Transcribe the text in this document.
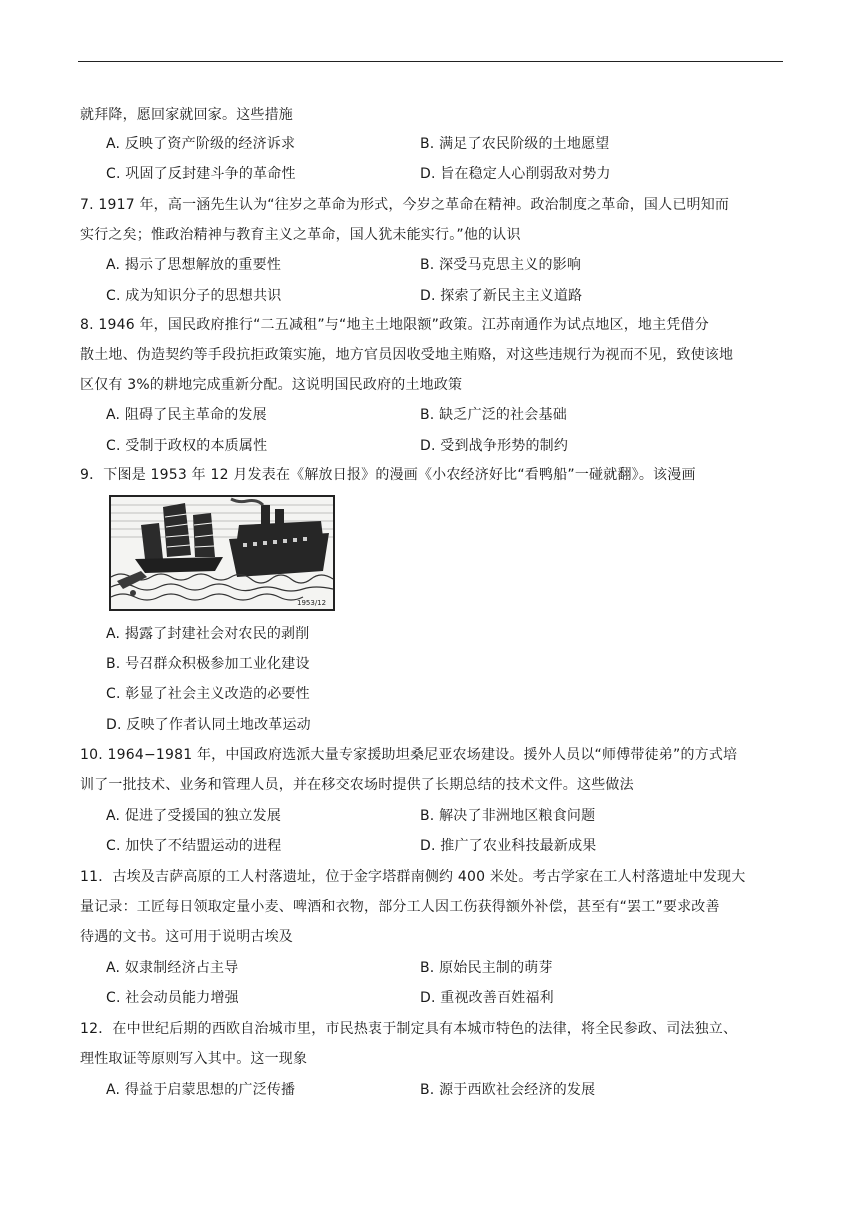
就拜降，愿回家就回家。这些措施
A. 反映了资产阶级的经济诉求	B. 满足了农民阶级的土地愿望
C. 巩固了反封建斗争的革命性	D. 旨在稳定人心削弱敌对势力
7. 1917 年，高一涵先生认为“往岁之革命为形式，今岁之革命在精神。政治制度之革命，国人已明知而
实行之矣；惟政治精神与教育主义之革命，国人犹未能实行。”他的认识
A. 揭示了思想解放的重要性	B. 深受马克思主义的影响
C. 成为知识分子的思想共识	D. 探索了新民主主义道路
8. 1946 年，国民政府推行“二五减租”与“地主土地限额”政策。江苏南通作为试点地区，地主凭借分
散土地、伪造契约等手段抗拒政策实施，地方官员因收受地主贿赂，对这些违规行为视而不见，致使该地
区仅有 3%的耕地完成重新分配。这说明国民政府的土地政策
A. 阻碍了民主革命的发展	B. 缺乏广泛的社会基础
C. 受制于政权的本质属性	D. 受到战争形势的制约
9．下图是 1953 年 12 月发表在《解放日报》的漫画《小农经济好比“看鸭船”一碰就翻》。该漫画
1953/12
A. 揭露了封建社会对农民的剥削
B. 号召群众积极参加工业化建设
C. 彰显了社会主义改造的必要性
D. 反映了作者认同土地改革运动
10. 1964−1981 年，中国政府选派大量专家援助坦桑尼亚农场建设。援外人员以“师傅带徒弟”的方式培
训了一批技术、业务和管理人员，并在移交农场时提供了长期总结的技术文件。这些做法
A. 促进了受援国的独立发展	B. 解决了非洲地区粮食问题
C. 加快了不结盟运动的进程	D. 推广了农业科技最新成果
11．古埃及吉萨高原的工人村落遗址，位于金字塔群南侧约 400 米处。考古学家在工人村落遗址中发现大
量记录：工匠每日领取定量小麦、啤酒和衣物，部分工人因工伤获得额外补偿，甚至有“罢工”要求改善
待遇的文书。这可用于说明古埃及
A. 奴隶制经济占主导	B. 原始民主制的萌芽
C. 社会动员能力增强	D. 重视改善百姓福利
12．在中世纪后期的西欧自治城市里，市民热衷于制定具有本城市特色的法律，将全民参政、司法独立、
理性取证等原则写入其中。这一现象
A. 得益于启蒙思想的广泛传播	B. 源于西欧社会经济的发展
